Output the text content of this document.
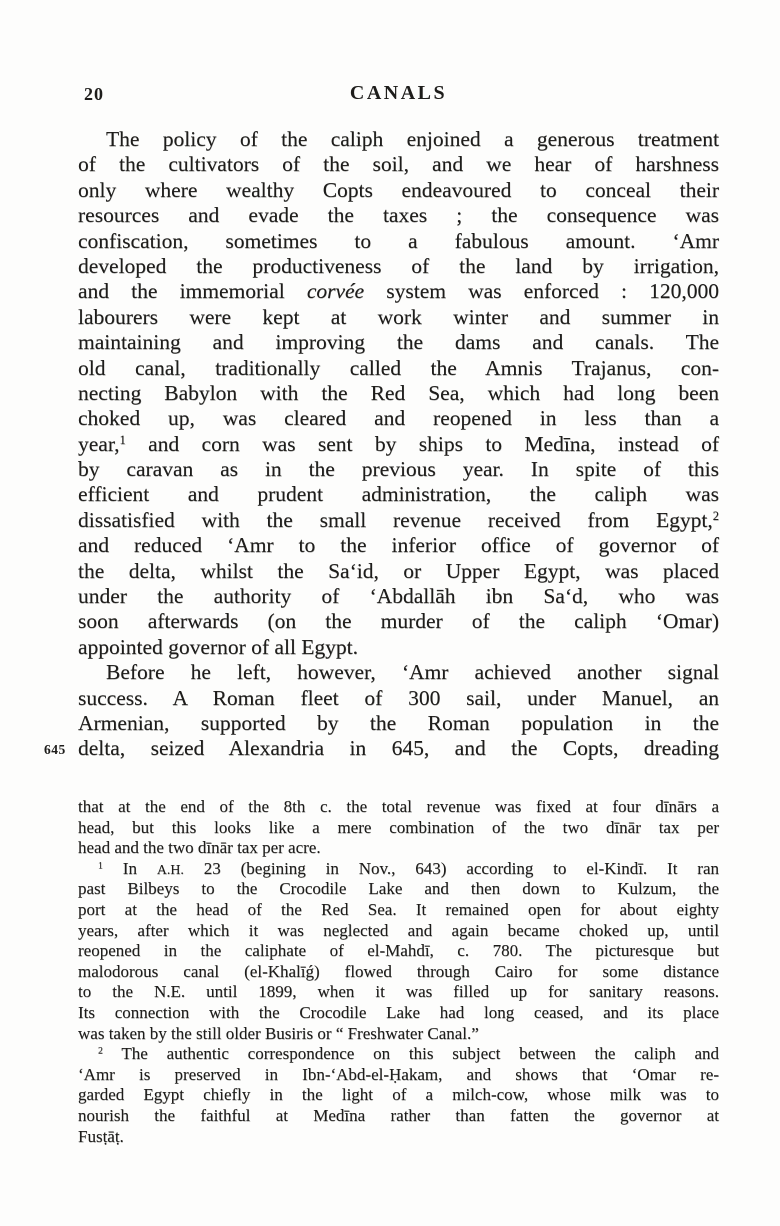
20	CANALS
645
The policy of the caliph enjoined a generous treatment
of the cultivators of the soil, and we hear of harshness
only where wealthy Copts endeavoured to conceal their
resources and evade the taxes ; the consequence was
confiscation, sometimes to a fabulous amount. ‘Amr
developed the productiveness of the land by irrigation,
and the immemorial corvée system was enforced : 120,000
labourers were kept at work winter and summer in
maintaining and improving the dams and canals. The
old canal, traditionally called the Amnis Trajanus, con-
necting Babylon with the Red Sea, which had long been
choked up, was cleared and reopened in less than a
year,$^1$ and corn was sent by ships to Medīna, instead of
by caravan as in the previous year. In spite of this
efficient and prudent administration, the caliph was
dissatisfied with the small revenue received from Egypt,$^2$
and reduced ‘Amr to the inferior office of governor of
the delta, whilst the Sa‘id, or Upper Egypt, was placed
under the authority of ‘Abdallāh ibn Sa‘d, who was
soon afterwards (on the murder of the caliph ‘Omar)
appointed governor of all Egypt.
Before he left, however, ‘Amr achieved another signal
success. A Roman fleet of 300 sail, under Manuel, an
Armenian, supported by the Roman population in the
delta, seized Alexandria in 645, and the Copts, dreading
that at the end of the 8th c. the total revenue was fixed at four dīnārs a
head, but this looks like a mere combination of the two dīnār tax per
head and the two dīnār tax per acre.
$^1$ In A.H. 23 (begining in Nov., 643) according to el-Kindī. It ran
past Bilbeys to the Crocodile Lake and then down to Kulzum, the
port at the head of the Red Sea. It remained open for about eighty
years, after which it was neglected and again became choked up, until
reopened in the caliphate of el-Mahdī, c. 780. The picturesque but
malodorous canal (el-Khalīǵ) flowed through Cairo for some distance
to the N.E. until 1899, when it was filled up for sanitary reasons.
Its connection with the Crocodile Lake had long ceased, and its place
was taken by the still older Busiris or “ Freshwater Canal.”
$^2$ The authentic correspondence on this subject between the caliph and
‘Amr is preserved in Ibn-‘Abd-el-Ḥakam, and shows that ‘Omar re-
garded Egypt chiefly in the light of a milch-cow, whose milk was to
nourish the faithful at Medīna rather than fatten the governor at
Fusṭāṭ.
